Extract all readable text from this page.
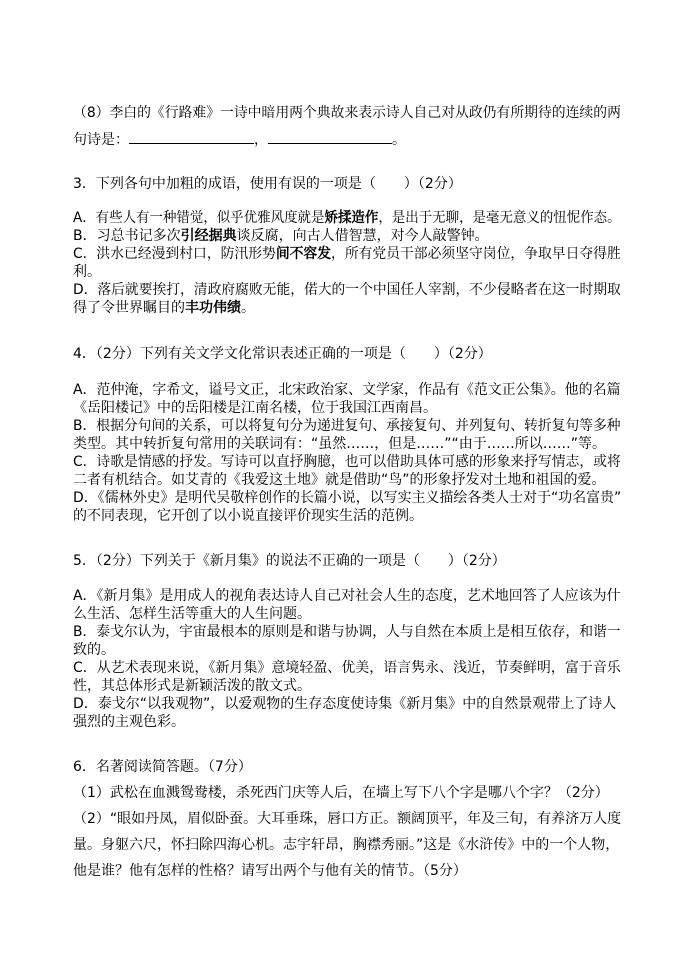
（8）李白的《行路难》一诗中暗用两个典故来表示诗人自己对从政仍有所期待的连续的两
句诗是：	，	。
3．下列各句中加粗的成语，使用有误的一项是（　　）（2分）
A．有些人有一种错觉，似乎优雅风度就是矫揉造作，是出于无聊，是毫无意义的忸怩作态。
B．习总书记多次引经据典谈反腐，向古人借智慧，对今人敲警钟。
C．洪水已经漫到村口，防汛形势间不容发，所有党员干部必须坚守岗位，争取早日夺得胜
利。
D．落后就要挨打，清政府腐败无能，偌大的一个中国任人宰割，不少侵略者在这一时期取
得了令世界瞩目的丰功伟绩。
4．（2分）下列有关文学文化常识表述正确的一项是（　　）（2分）
A．范仲淹，字希文，谥号文正，北宋政治家、文学家，作品有《范文正公集》。他的名篇
《岳阳楼记》中的岳阳楼是江南名楼，位于我国江西南昌。
B．根据分句间的关系，可以将复句分为递进复句、承接复句、并列复句、转折复句等多种
类型。其中转折复句常用的关联词有：“虽然……，但是……”“由于……所以……”等。
C．诗歌是情感的抒发。写诗可以直抒胸臆，也可以借助具体可感的形象来抒写情志，或将
二者有机结合。如艾青的《我爱这土地》就是借助“鸟”的形象抒发对土地和祖国的爱。
D．《儒林外史》是明代吴敬梓创作的长篇小说，以写实主义描绘各类人士对于“功名富贵”
的不同表现，它开创了以小说直接评价现实生活的范例。
5．（2分）下列关于《新月集》的说法不正确的一项是（　　）（2分）
A．《新月集》是用成人的视角表达诗人自己对社会人生的态度，艺术地回答了人应该为什
么生活、怎样生活等重大的人生问题。
B．泰戈尔认为，宇宙最根本的原则是和谐与协调，人与自然在本质上是相互依存，和谐一
致的。
C．从艺术表现来说，《新月集》意境轻盈、优美，语言隽永、浅近，节奏鲜明，富于音乐
性，其总体形式是新颖活泼的散文式。
D．泰戈尔“以我观物”，以爱观物的生存态度使诗集《新月集》中的自然景观带上了诗人
强烈的主观色彩。
6．名著阅读简答题。（7分）
（1）武松在血溅鸳鸯楼，杀死西门庆等人后，在墙上写下八个字是哪八个字？（2分）
（2）“眼如丹凤，眉似卧蚕。大耳垂珠，唇口方正。额阔顶平，年及三旬，有养济万人度
量。身躯六尺，怀扫除四海心机。志宇轩昂，胸襟秀丽。”这是《水浒传》中的一个人物，
他是谁？他有怎样的性格？请写出两个与他有关的情节。（5分）
